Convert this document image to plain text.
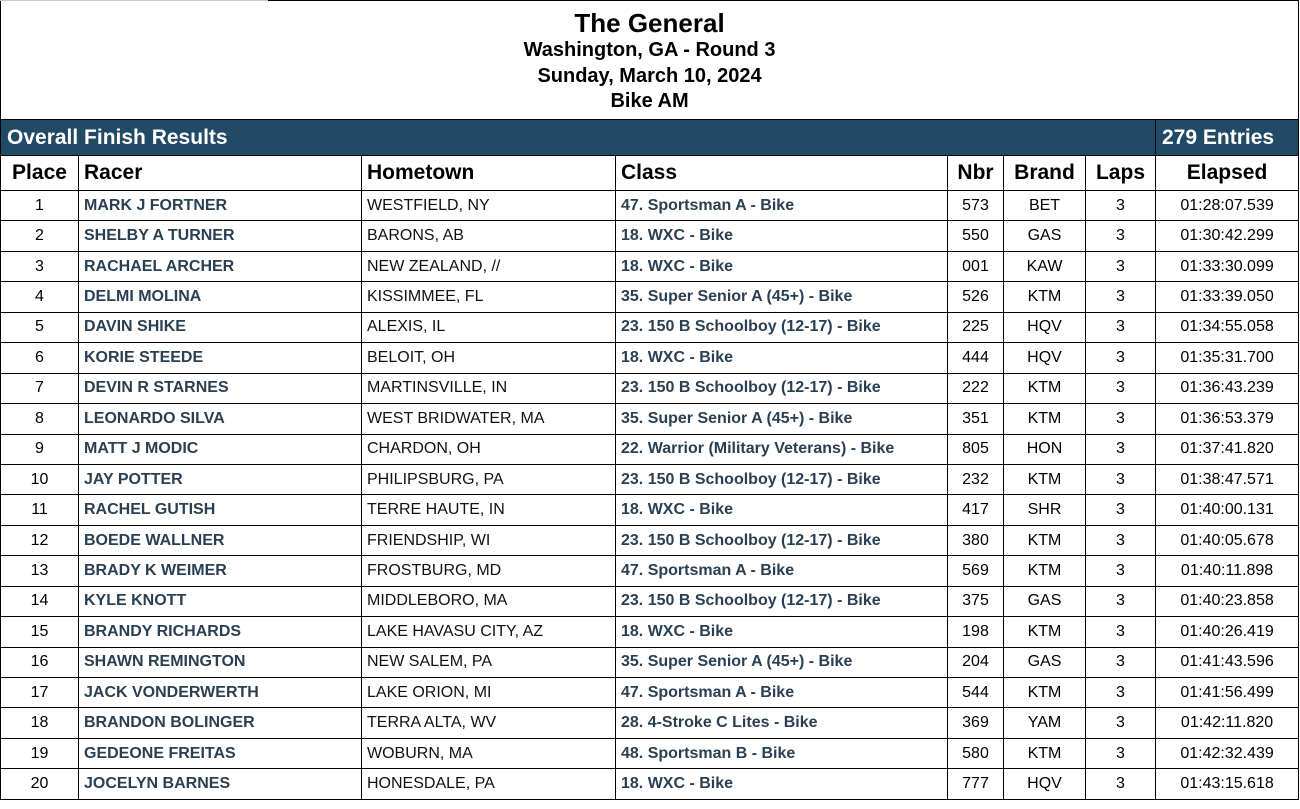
The General
Washington, GA - Round 3
Sunday, March 10, 2024
Bike AM							

Overall Finish Results							279 Entries
Place	Racer	Hometown	Class	Nbr	Brand	Laps	Elapsed
1	MARK J FORTNER	WESTFIELD, NY	47. Sportsman A - Bike	573	BET	3	01:28:07.539
2	SHELBY A TURNER	BARONS, AB	18. WXC - Bike	550	GAS	3	01:30:42.299
3	RACHAEL ARCHER	NEW ZEALAND, //	18. WXC - Bike	001	KAW	3	01:33:30.099
4	DELMI MOLINA	KISSIMMEE, FL	35. Super Senior A (45+) - Bike	526	KTM	3	01:33:39.050
5	DAVIN SHIKE	ALEXIS, IL	23. 150 B Schoolboy (12-17) - Bike	225	HQV	3	01:34:55.058
6	KORIE STEEDE	BELOIT, OH	18. WXC - Bike	444	HQV	3	01:35:31.700
7	DEVIN R STARNES	MARTINSVILLE, IN	23. 150 B Schoolboy (12-17) - Bike	222	KTM	3	01:36:43.239
8	LEONARDO SILVA	WEST BRIDWATER, MA	35. Super Senior A (45+) - Bike	351	KTM	3	01:36:53.379
9	MATT J MODIC	CHARDON, OH	22. Warrior (Military Veterans) - Bike	805	HON	3	01:37:41.820
10	JAY POTTER	PHILIPSBURG, PA	23. 150 B Schoolboy (12-17) - Bike	232	KTM	3	01:38:47.571
11	RACHEL GUTISH	TERRE HAUTE, IN	18. WXC - Bike	417	SHR	3	01:40:00.131
12	BOEDE WALLNER	FRIENDSHIP, WI	23. 150 B Schoolboy (12-17) - Bike	380	KTM	3	01:40:05.678
13	BRADY K WEIMER	FROSTBURG, MD	47. Sportsman A - Bike	569	KTM	3	01:40:11.898
14	KYLE KNOTT	MIDDLEBORO, MA	23. 150 B Schoolboy (12-17) - Bike	375	GAS	3	01:40:23.858
15	BRANDY RICHARDS	LAKE HAVASU CITY, AZ	18. WXC - Bike	198	KTM	3	01:40:26.419
16	SHAWN REMINGTON	NEW SALEM, PA	35. Super Senior A (45+) - Bike	204	GAS	3	01:41:43.596
17	JACK VONDERWERTH	LAKE ORION, MI	47. Sportsman A - Bike	544	KTM	3	01:41:56.499
18	BRANDON BOLINGER	TERRA ALTA, WV	28. 4-Stroke C Lites - Bike	369	YAM	3	01:42:11.820
19	GEDEONE FREITAS	WOBURN, MA	48. Sportsman B - Bike	580	KTM	3	01:42:32.439
20	JOCELYN BARNES	HONESDALE, PA	18. WXC - Bike	777	HQV	3	01:43:15.618
